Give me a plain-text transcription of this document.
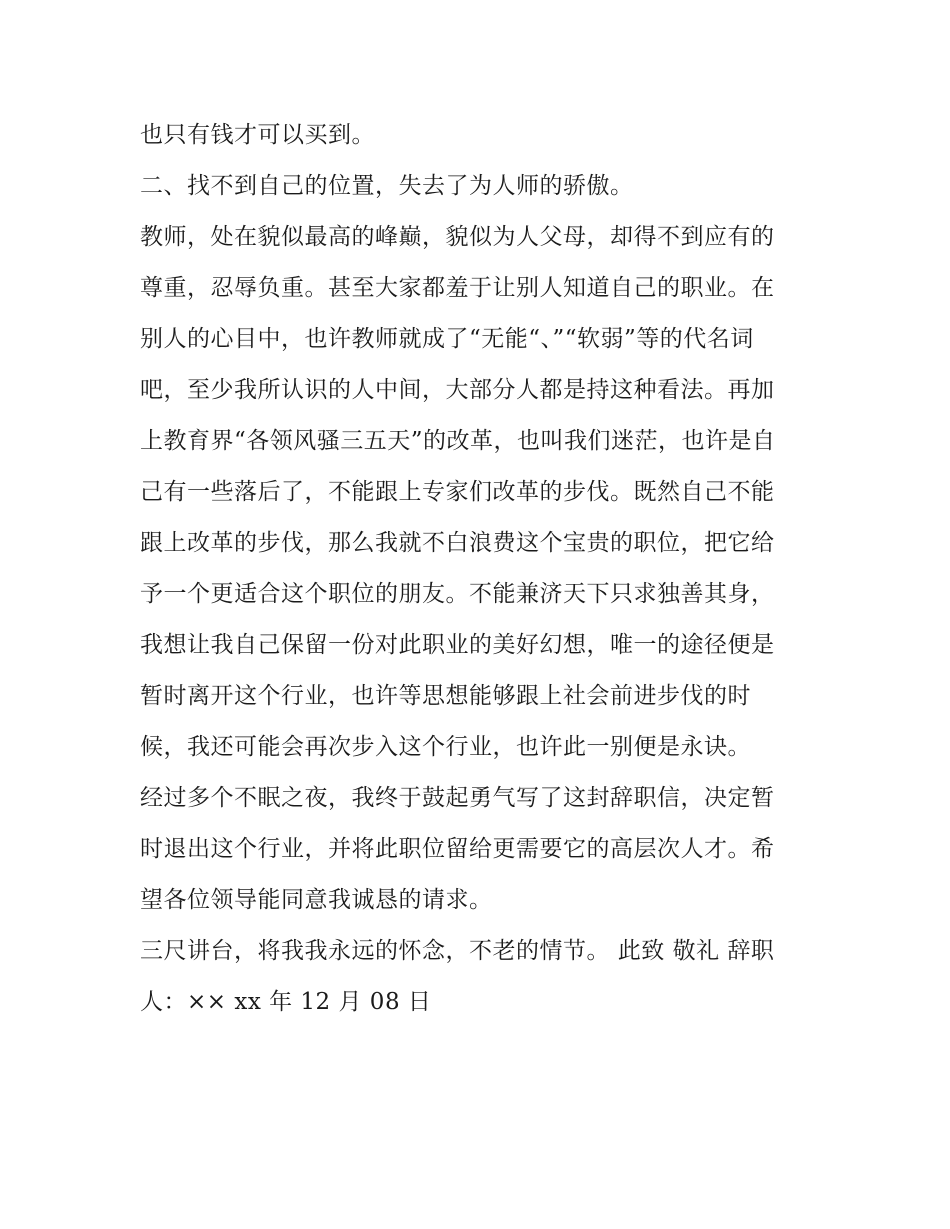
也只有钱才可以买到。
二、找不到自己的位置，失去了为人师的骄傲。
教师，处在貌似最高的峰巅，貌似为人父母，却得不到应有的
尊重，忍辱负重。甚至大家都羞于让别人知道自己的职业。在
别人的心目中，也许教师就成了“无能“、”“软弱”等的代名词
吧，至少我所认识的人中间，大部分人都是持这种看法。再加
上教育界“各领风骚三五天”的改革，也叫我们迷茫，也许是自
己有一些落后了，不能跟上专家们改革的步伐。既然自己不能
跟上改革的步伐，那么我就不白浪费这个宝贵的职位，把它给
予一个更适合这个职位的朋友。不能兼济天下只求独善其身，
我想让我自己保留一份对此职业的美好幻想，唯一的途径便是
暂时离开这个行业，也许等思想能够跟上社会前进步伐的时
候，我还可能会再次步入这个行业，也许此一别便是永诀。
经过多个不眠之夜，我终于鼓起勇气写了这封辞职信，决定暂
时退出这个行业，并将此职位留给更需要它的高层次人才。希
望各位领导能同意我诚恳的请求。
三尺讲台，将我我永远的怀念，不老的情节。 此致 敬礼 辞职
人：×× xx 年 12 月 08 日
